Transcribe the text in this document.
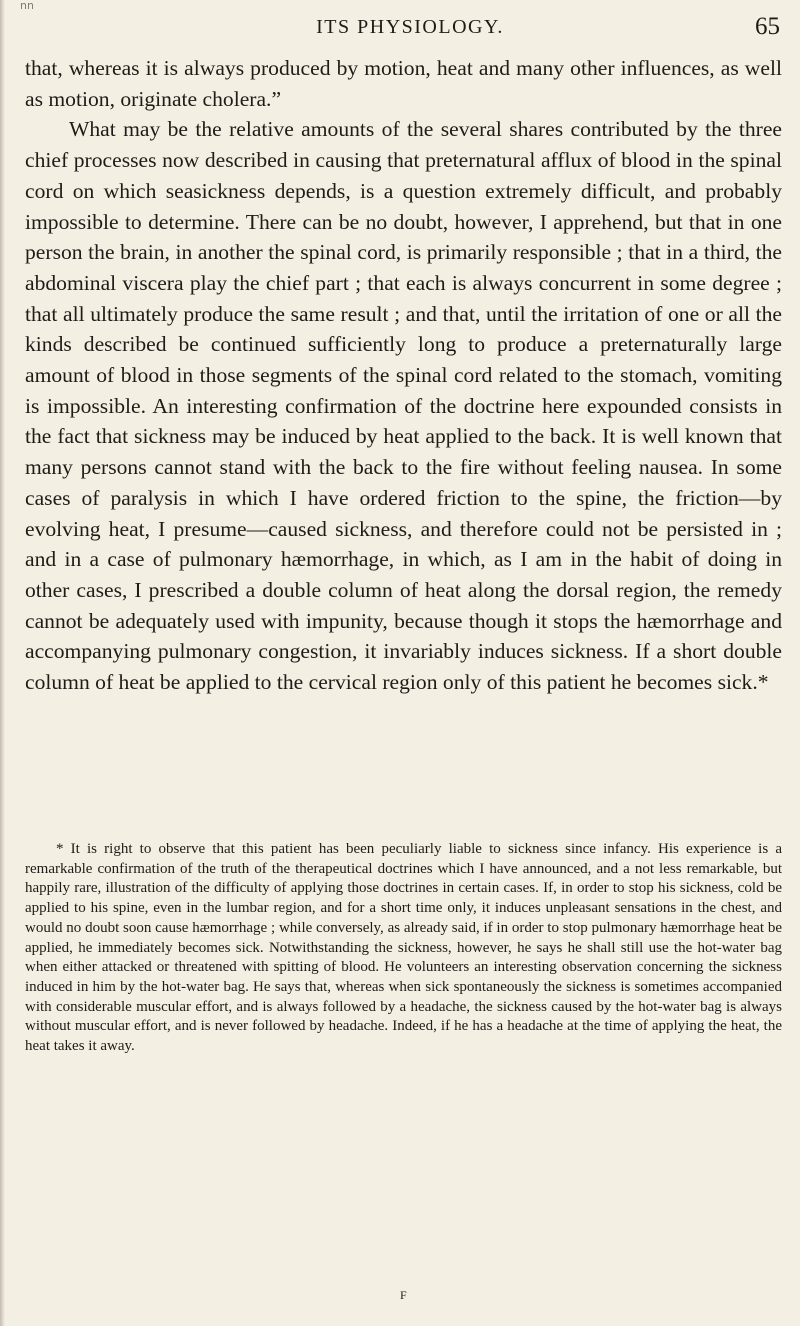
nn
ITS PHYSIOLOGY.	65

that, whereas it is always produced by motion, heat and many other influences, as well as motion, originate cholera.”

What may be the relative amounts of the several shares contributed by the three chief processes now described in causing that preternatural afflux of blood in the spinal cord on which seasickness depends, is a question extremely difficult, and probably impossible to determine. There can be no doubt, however, I apprehend, but that in one person the brain, in another the spinal cord, is primarily responsible ; that in a third, the abdominal viscera play the chief part ; that each is always concurrent in some degree ; that all ultimately produce the same result ; and that, until the irritation of one or all the kinds described be continued sufficiently long to produce a preternaturally large amount of blood in those segments of the spinal cord related to the stomach, vomiting is impossible. An interesting confirmation of the doctrine here expounded consists in the fact that sickness may be induced by heat applied to the back. It is well known that many persons cannot stand with the back to the fire without feeling nausea. In some cases of paralysis in which I have ordered friction to the spine, the friction—by evolving heat, I presume—caused sickness, and therefore could not be persisted in ; and in a case of pulmonary hæmorrhage, in which, as I am in the habit of doing in other cases, I prescribed a double column of heat along the dorsal region, the remedy cannot be adequately used with impunity, because though it stops the hæmorrhage and accompanying pulmonary congestion, it invariably induces sickness. If a short double column of heat be applied to the cervical region only of this patient he becomes sick.*

* It is right to observe that this patient has been peculiarly liable to sickness since infancy. His experience is a remarkable confirmation of the truth of the therapeutical doctrines which I have announced, and a not less remarkable, but happily rare, illustration of the difficulty of applying those doctrines in certain cases. If, in order to stop his sickness, cold be applied to his spine, even in the lumbar region, and for a short time only, it induces unpleasant sensations in the chest, and would no doubt soon cause hæmorrhage ; while conversely, as already said, if in order to stop pulmonary hæmorrhage heat be applied, he immediately becomes sick. Notwithstanding the sickness, however, he says he shall still use the hot-water bag when either attacked or threatened with spitting of blood. He volunteers an interesting observation concerning the sickness induced in him by the hot-water bag. He says that, whereas when sick spontaneously the sickness is sometimes accompanied with considerable muscular effort, and is always followed by a headache, the sickness caused by the hot-water bag is always without muscular effort, and is never followed by headache. Indeed, if he has a headache at the time of applying the heat, the heat takes it away.

F
